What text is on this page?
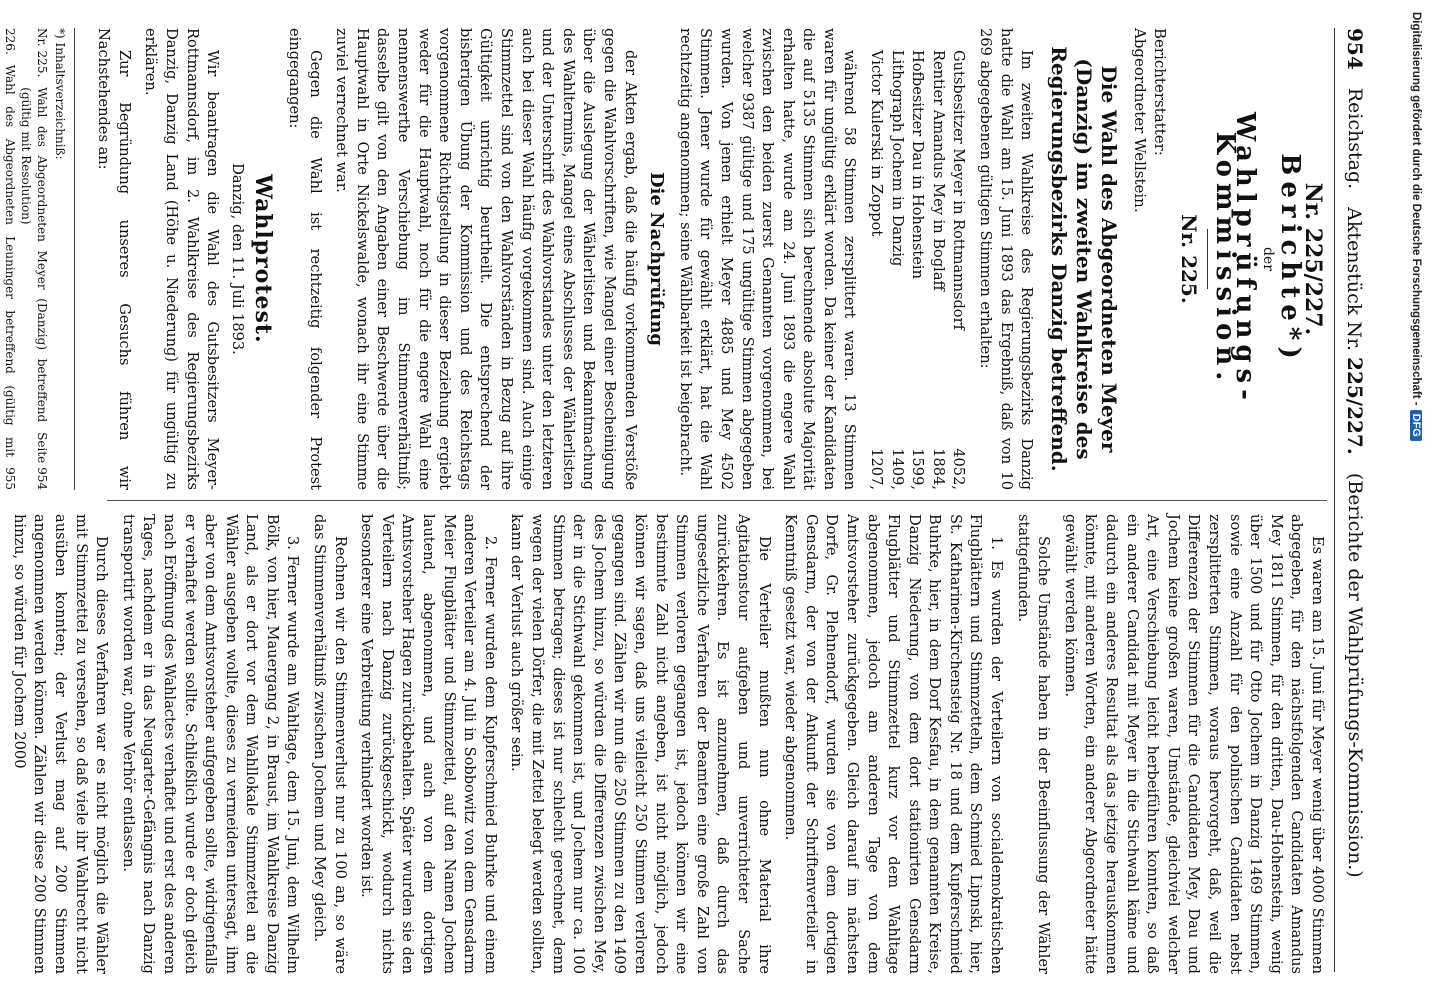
954
Reichstag.
Aktenstück Nr. 225/227.
(Berichte der Wahlprüfungs-Kommission.)
Nr. 225/227.
Berichte*)
der
Wahlprüfungs-Kommission.
Nr. 225.
Berichterstatter:
Abgeordneter Wellstein.
Die Wahl des Abgeordneten Meyer (Danzig) im zweiten Wahlkreise des Regierungsbezirks Danzig betreffend.

Im zweiten Wahlkreise des Regierungsbezirks Danzig hatte die Wahl am 15. Juni 1893 das Ergebniß, daß von 10 269 abgegebenen gültigen Stimmen erhalten:

Gutsbesitzer Meyer in Rottmannsdorf
4052,
Rentier Amandus Mey in Boglaff
1884,
Hofbesitzer Dau in Hohenstein
1599,
Lithograph Jochem in Danzig
1409,
Victor Kulerski in Zoppot
1207,

während 58 Stimmen zersplittert waren. 13 Stimmen waren für ungültig erklärt worden. Da keiner der Kandidaten die auf 5135 Stimmen sich berechnende absolute Majorität erhalten hatte, wurde am 24. Juni 1893 die engere Wahl zwischen den beiden zuerst Genannten vorgenommen, bei welcher 9387 gültige und 175 ungültige Stimmen abgegeben wurden. Von jenen erhielt Meyer 4885 und Mey 4502 Stimmen. Jener wurde für gewählt erklärt, hat die Wahl rechtzeitig angenommen; seine Wählbarkeit ist beigebracht.

Die Nachprüfung

der Akten ergab, daß die häufig vorkommenden Verstöße gegen die Wahlvorschriften, wie Mangel einer Bescheinigung über die Auslegung der Wählerlisten und Bekanntmachung des Wahltermins, Mangel eines Abschlusses der Wählerlisten und der Unterschrift des Wahlvorstandes unter den letzteren auch bei dieser Wahl häufig vorgekommen sind. Auch einige Stimmzettel sind von den Wahlvorständen in Bezug auf ihre Gültigkeit unrichtig beurtheilt. Die entsprechend der bisherigen Übung der Kommission und des Reichstags vorgenommene Richtigstellung in dieser Beziehung ergiebt weder für die Hauptwahl, noch für die engere Wahl eine nennenswerthe Verschiebung im Stimmenverhältniß; dasselbe gilt von den Angaben einer Beschwerde über die Hauptwahl in Orte Nickelswalde, wonach ihr eine Stimme zuviel verrechnet war.

Gegen die Wahl ist rechtzeitig folgender Protest eingegangen:

Wahlprotest.
Danzig, den 11. Juli 1893.

Wir beantragen die Wahl des Gutsbesitzers Meyer-Rottmannsdorf, im 2. Wahlkreise des Regierungsbezirks Danzig, Danzig Land (Höhe u. Niederung) für ungültig zu erklären.

Zur Begründung unseres Gesuchs führen wir Nachstehendes an:

*) Inhaltsverzeichniß:
Nr. 225.
Wahl des Abgeordneten Meyer (Danzig) betreffend (gültig mit Resolution)
Seite 954
226.
Wahl des Abgeordneten Leuninger betreffend (gültig mit
955

Es waren am 15. Juni für Meyer wenig über 4000 Stimmen abgegeben, für den nächstfolgenden Candidaten Amandus Mey 1811 Stimmen, für den dritten, Dau-Hohenstein, wenig über 1500 und für Otto Jochem in Danzig 1469 Stimmen, sowie eine Anzahl für den polnischen Candidaten nebst zersplitterten Stimmen, woraus hervorgeht, daß, weil die Differenzen der Stimmen für die Candidaten Mey, Dau und Jochem keine großen waren, Umstände, gleichviel welcher Art, eine Verschiebung leicht herbeiführen konnten, so daß ein anderer Candidat mit Meyer in die Stichwahl käme und dadurch ein anderes Resultat als das jetzige herauskommen könnte, mit anderen Worten, ein anderer Abgeordneter hätte gewählt werden können.

Solche Umstände haben in der Beeinflussung der Wähler stattgefunden.

1. Es wurden der Verteilern von socialdemokratischen Flugblättern und Stimmzetteln, dem Schmied Lipnski, hier, St. Katharinen-Kirchensteig Nr. 18 und dem Kupferschmied Buhrke, hier, in dem Dorf Kesfau, in dem genannten Kreise, Danzig Niederung, von dem dort stationirten Gensdarm Flugblätter und Stimmzettel kurz vor dem Wahltage abgenommen, jedoch am anderen Tage von dem Amtsvorsteher zurückgegeben. Gleich darauf im nächsten Dorfe, Gr. Plehnendorf, wurden sie von dem dortigen Gensdarm, der von der Ankunft der Schriftenverteiler in Kenntniß gesetzt war, wieder abgenommen.

Die Verteiler mußten nun ohne Material ihre Agitationstour aufgeben und unverrichteter Sache zurückkehren. Es ist anzunehmen, daß durch das ungesetzliche Verfahren der Beamten eine große Zahl von Stimmen verloren gegangen ist, jedoch können wir eine bestimmte Zahl nicht angeben, ist nicht möglich, jedoch können wir sagen, daß uns vielleicht 250 Stimmen verloren gegangen sind. Zählen wir nun die 250 Stimmen zu den 1409 des Jochem hinzu, so würden die Differenzen zwischen Mey, der in die Stichwahl gekommen ist, und Jochem nur ca. 100 Stimmen betragen; dieses ist nur schlecht gerechnet, denn wegen der vielen Dörfer, die mit Zettel belegt werden sollten, kann der Verlust auch größer sein.

2. Ferner wurden dem Kupferschmied Buhrke und einem anderen Verteiler am 4. Juli in Sobbowitz von dem Gensdarm Meier Flugblätter und Stimmzettel, auf den Namen Jochem lautend, abgenommen, und auch von dem dortigen Amtsvorsteher Hagen zurückbehalten. Später wurden sie den Verteilern nach Danzig zurückgeschickt, wodurch nichts besonderer eine Verbreitung verhindert worden ist.

Rechnen wir den Stimmenverlust nur zu 100 an, so wäre das Stimmenverhältniß zwischen Jochem und Mey gleich.

3. Ferner wurde am Wahltage, dem 15. Juni, dem Wilhelm Bölk, von hier, Mauergang 2, in Braust, im Wahlkreise Danzig Land, als er dort vor dem Wahllokale Stimmzettel an die Wähler ausgeben wollte, dieses zu vermeiden untersagt, ihm aber von dem Amtsvorsteher aufgegeben sollte, widrigenfalls er verhaftet werden sollte. Schließlich wurde er doch gleich nach Eröffnung des Wahlactes verhaftet und erst des anderen Tages, nachdem er in das Neugarter-Gefängnis nach Danzig transportirt worden war, ohne Verhör entlassen.

Durch dieses Verfahren war es nicht möglich die Wähler mit Stimmzettel zu versehen, so daß viele ihr Wahlrecht nicht ausüben konnten; der Verlust mag auf 200 Stimmen angenommen werden können. Zählen wir diese 200 Stimmen hinzu, so würden für Jochem 2000

Digitalisierung gefördert durch die Deutsche Forschungsgemeinschaft -
DFG
